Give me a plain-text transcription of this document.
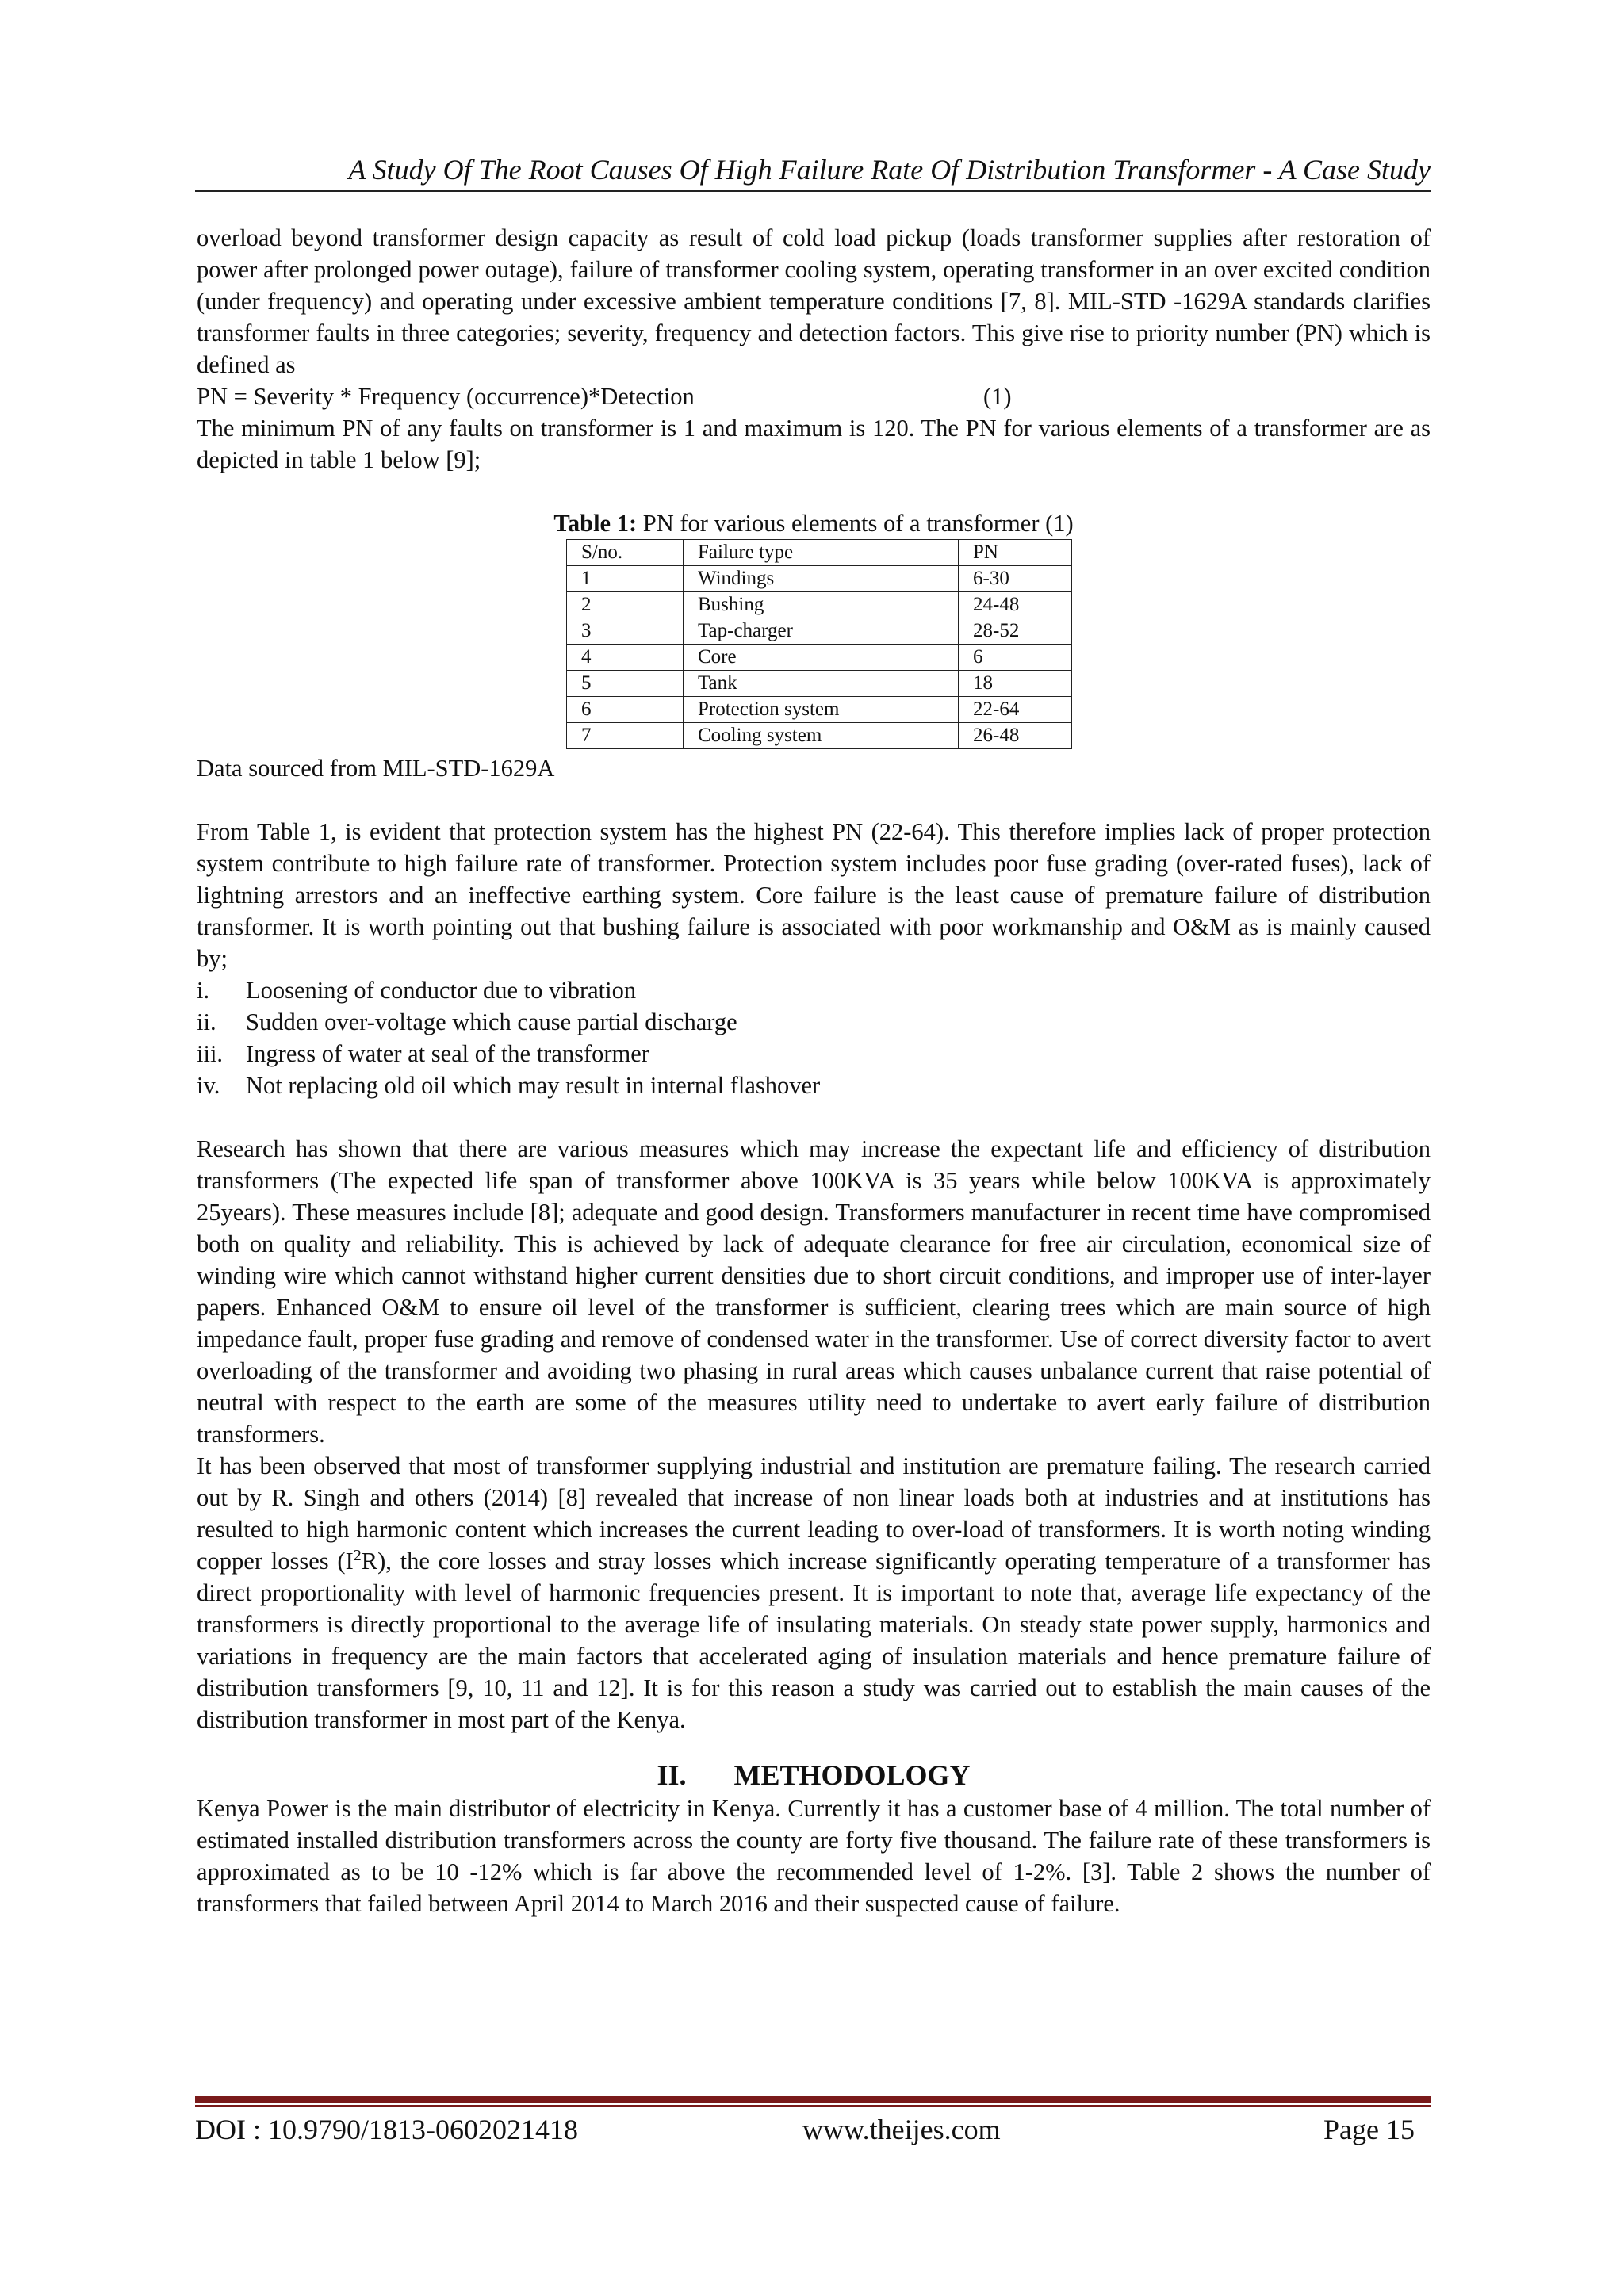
A Study Of The Root Causes Of High Failure Rate Of Distribution Transformer - A Case Study

overload beyond transformer design capacity as result of cold load pickup (loads transformer supplies after restoration of power after prolonged power outage), failure of transformer cooling system, operating transformer in an over excited condition (under frequency) and operating under excessive ambient temperature conditions [7, 8]. MIL-STD -1629A standards clarifies transformer faults in three categories; severity, frequency and detection factors. This give rise to priority number (PN) which is defined as

PN = Severity * Frequency (occurrence)*Detection	(1)

The minimum PN of any faults on transformer is 1 and maximum is 120. The PN for various elements of a transformer are as depicted in table 1 below [9];

Table 1: PN for various elements of a transformer (1)
S/no.	Failure type	PN
1	Windings	6-30
2	Bushing	24-48
3	Tap-charger	28-52
4	Core	6
5	Tank	18
6	Protection system	22-64
7	Cooling system	26-48
Data sourced from MIL-STD-1629A

From Table 1, is evident that protection system has the highest PN (22-64). This therefore implies lack of proper protection system contribute to high failure rate of transformer. Protection system includes poor fuse grading (over-rated fuses), lack of lightning arrestors and an ineffective earthing system. Core failure is the least cause of premature failure of distribution transformer. It is worth pointing out that bushing failure is associated with poor workmanship and O&M as is mainly caused by;

i.	Loosening of conductor due to vibration
ii.	Sudden over-voltage which cause partial discharge
iii. Ingress of water at seal of the transformer
iv.	Not replacing old oil which may result in internal flashover

Research has shown that there are various measures which may increase the expectant life and efficiency of distribution transformers (The expected life span of transformer above 100KVA is 35 years while below 100KVA is approximately 25years). These measures include [8]; adequate and good design. Transformers manufacturer in recent time have compromised both on quality and reliability. This is achieved by lack of adequate clearance for free air circulation, economical size of winding wire which cannot withstand higher current densities due to short circuit conditions, and improper use of inter-layer papers. Enhanced O&M to ensure oil level of the transformer is sufficient, clearing trees which are main source of high impedance fault, proper fuse grading and remove of condensed water in the transformer. Use of correct diversity factor to avert overloading of the transformer and avoiding two phasing in rural areas which causes unbalance current that raise potential of neutral with respect to the earth are some of the measures utility need to undertake to avert early failure of distribution transformers.

It has been observed that most of transformer supplying industrial and institution are premature failing. The research carried out by R. Singh and others (2014) [8] revealed that increase of non linear loads both at industries and at institutions has resulted to high harmonic content which increases the current leading to over-load of transformers. It is worth noting winding copper losses $(I^2R)$, the core losses and stray losses which increase significantly operating temperature of a transformer has direct proportionality with level of harmonic frequencies present. It is important to note that, average life expectancy of the transformers is directly proportional to the average life of insulating materials. On steady state power supply, harmonics and variations in frequency are the main factors that accelerated aging of insulation materials and hence premature failure of distribution transformers [9, 10, 11 and 12]. It is for this reason a study was carried out to establish the main causes of the distribution transformer in most part of the Kenya.

II. METHODOLOGY

Kenya Power is the main distributor of electricity in Kenya. Currently it has a customer base of 4 million. The total number of estimated installed distribution transformers across the county are forty five thousand. The failure rate of these transformers is approximated as to be 10 -12% which is far above the recommended level of 1-2%. [3]. Table 2 shows the number of transformers that failed between April 2014 to March 2016 and their suspected cause of failure.

DOI : 10.9790/1813-0602021418	www.theijes.com	Page 15
